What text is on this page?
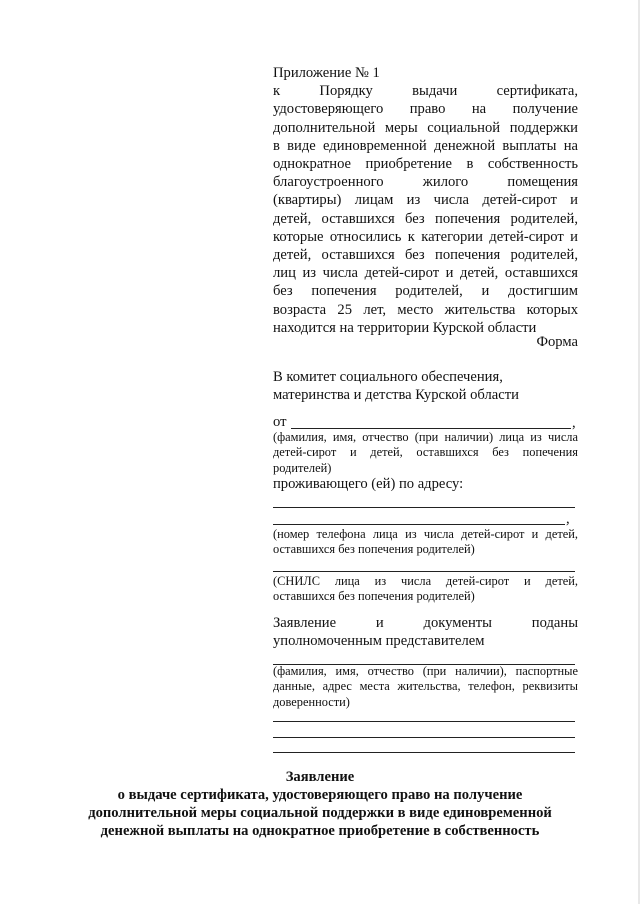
Приложение № 1
к Порядку выдачи сертификата,
удостоверяющего право на получение
дополнительной меры социальной поддержки
в виде единовременной денежной выплаты на
однократное приобретение в собственность
благоустроенного жилого помещения
(квартиры) лицам из числа детей-сирот и
детей, оставшихся без попечения родителей,
которые относились к категории детей-сирот и
детей, оставшихся без попечения родителей,
лиц из числа детей-сирот и детей, оставшихся
без попечения родителей, и достигшим
возраста 25 лет, место жительства которых
находится на территории Курской области
Форма
В комитет социального обеспечения,
материнства и детства Курской области
от	,
(фамилия, имя, отчество (при наличии) лица из числа
детей-сирот и детей, оставшихся без попечения
родителей)
проживающего (ей) по адресу:
,
(номер телефона лица из числа детей-сирот и детей,
оставшихся без попечения родителей)
(СНИЛС лица из числа детей-сирот и детей,
оставшихся без попечения родителей)
Заявление и документы поданы
уполномоченным представителем
(фамилия, имя, отчество (при наличии), паспортные
данные, адрес места жительства, телефон, реквизиты
доверенности)
Заявление
о выдаче сертификата, удостоверяющего право на получение
дополнительной меры социальной поддержки в виде единовременной
денежной выплаты на однократное приобретение в собственность
